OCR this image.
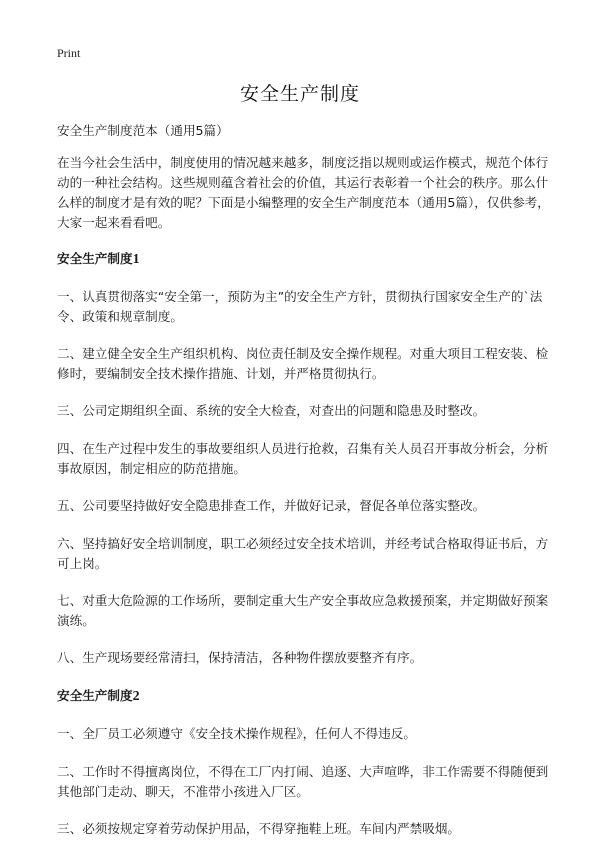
Print
安全生产制度

安全生产制度范本（通用5篇）

在当今社会生活中，制度使用的情况越来越多，制度泛指以规则或运作模式，规范个体行动的一种社会结构。这些规则蕴含着社会的价值，其运行表彰着一个社会的秩序。那么什么样的制度才是有效的呢？下面是小编整理的安全生产制度范本（通用5篇），仅供参考，大家一起来看看吧。

安全生产制度1

一、认真贯彻落实“安全第一，预防为主”的安全生产方针，贯彻执行国家安全生产的`法令、政策和规章制度。

二、建立健全安全生产组织机构、岗位责任制及安全操作规程。对重大项目工程安装、检修时，要编制安全技术操作措施、计划，并严格贯彻执行。

三、公司定期组织全面、系统的安全大检查，对查出的问题和隐患及时整改。

四、在生产过程中发生的事故要组织人员进行抢救，召集有关人员召开事故分析会，分析事故原因，制定相应的防范措施。

五、公司要坚持做好安全隐患排查工作，并做好记录，督促各单位落实整改。

六、坚持搞好安全培训制度，职工必须经过安全技术培训，并经考试合格取得证书后，方可上岗。

七、对重大危险源的工作场所，要制定重大生产安全事故应急救援预案，并定期做好预案演练。

八、生产现场要经常清扫，保持清洁，各种物件摆放要整齐有序。

安全生产制度2

一、全厂员工必须遵守《安全技术操作规程》，任何人不得违反。

二、工作时不得擅离岗位，不得在工厂内打闹、追逐、大声喧哗，非工作需要不得随便到其他部门走动、聊天，不准带小孩进入厂区。

三、必须按规定穿着劳动保护用品，不得穿拖鞋上班。车间内严禁吸烟。
